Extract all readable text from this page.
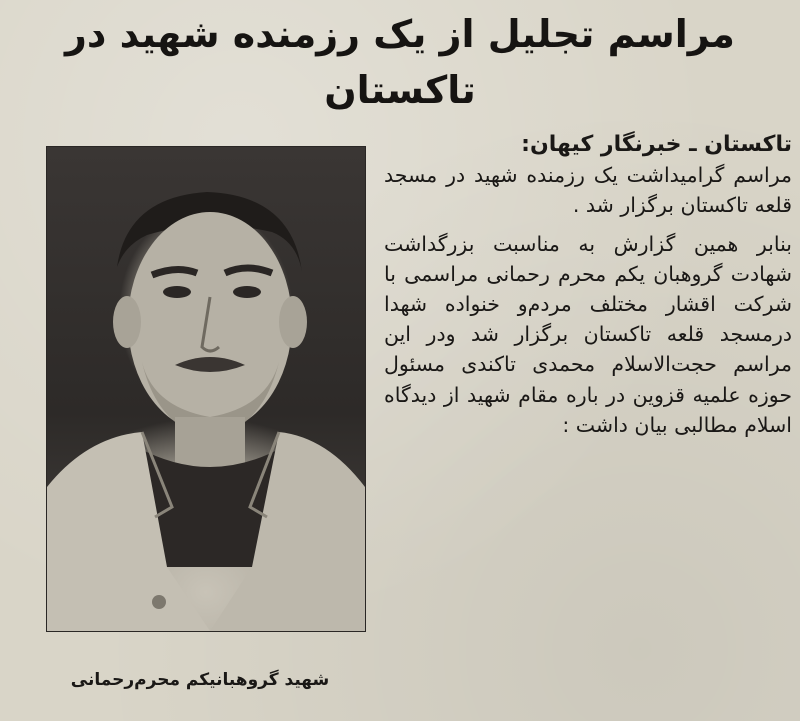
مراسم تجلیل از یک رزمنده شهید در
تاکستان
شهید گروهبانیکم محرم‌رحمانی
تاکستان ـ خبرنگار کیهان:

مراسم گرامیداشت یک رزمنده شهید در مسجد قلعه تاکستان برگزار شد .

بنابر همین گزارش به مناسبت بزرگداشت شهادت گروهبان یکم محرم رحمانی مراسمی با شرکت اقشار مختلف مردم‌و خنواده شهدا درمسجد قلعه تاکستان برگزار شد ودر این مراسم حجت‌الاسلام محمدی تاکندی مسئول حوزه علمیه قزوین در باره مقام شهید از دیدگاه اسلام مطالبی بیان داشت :
